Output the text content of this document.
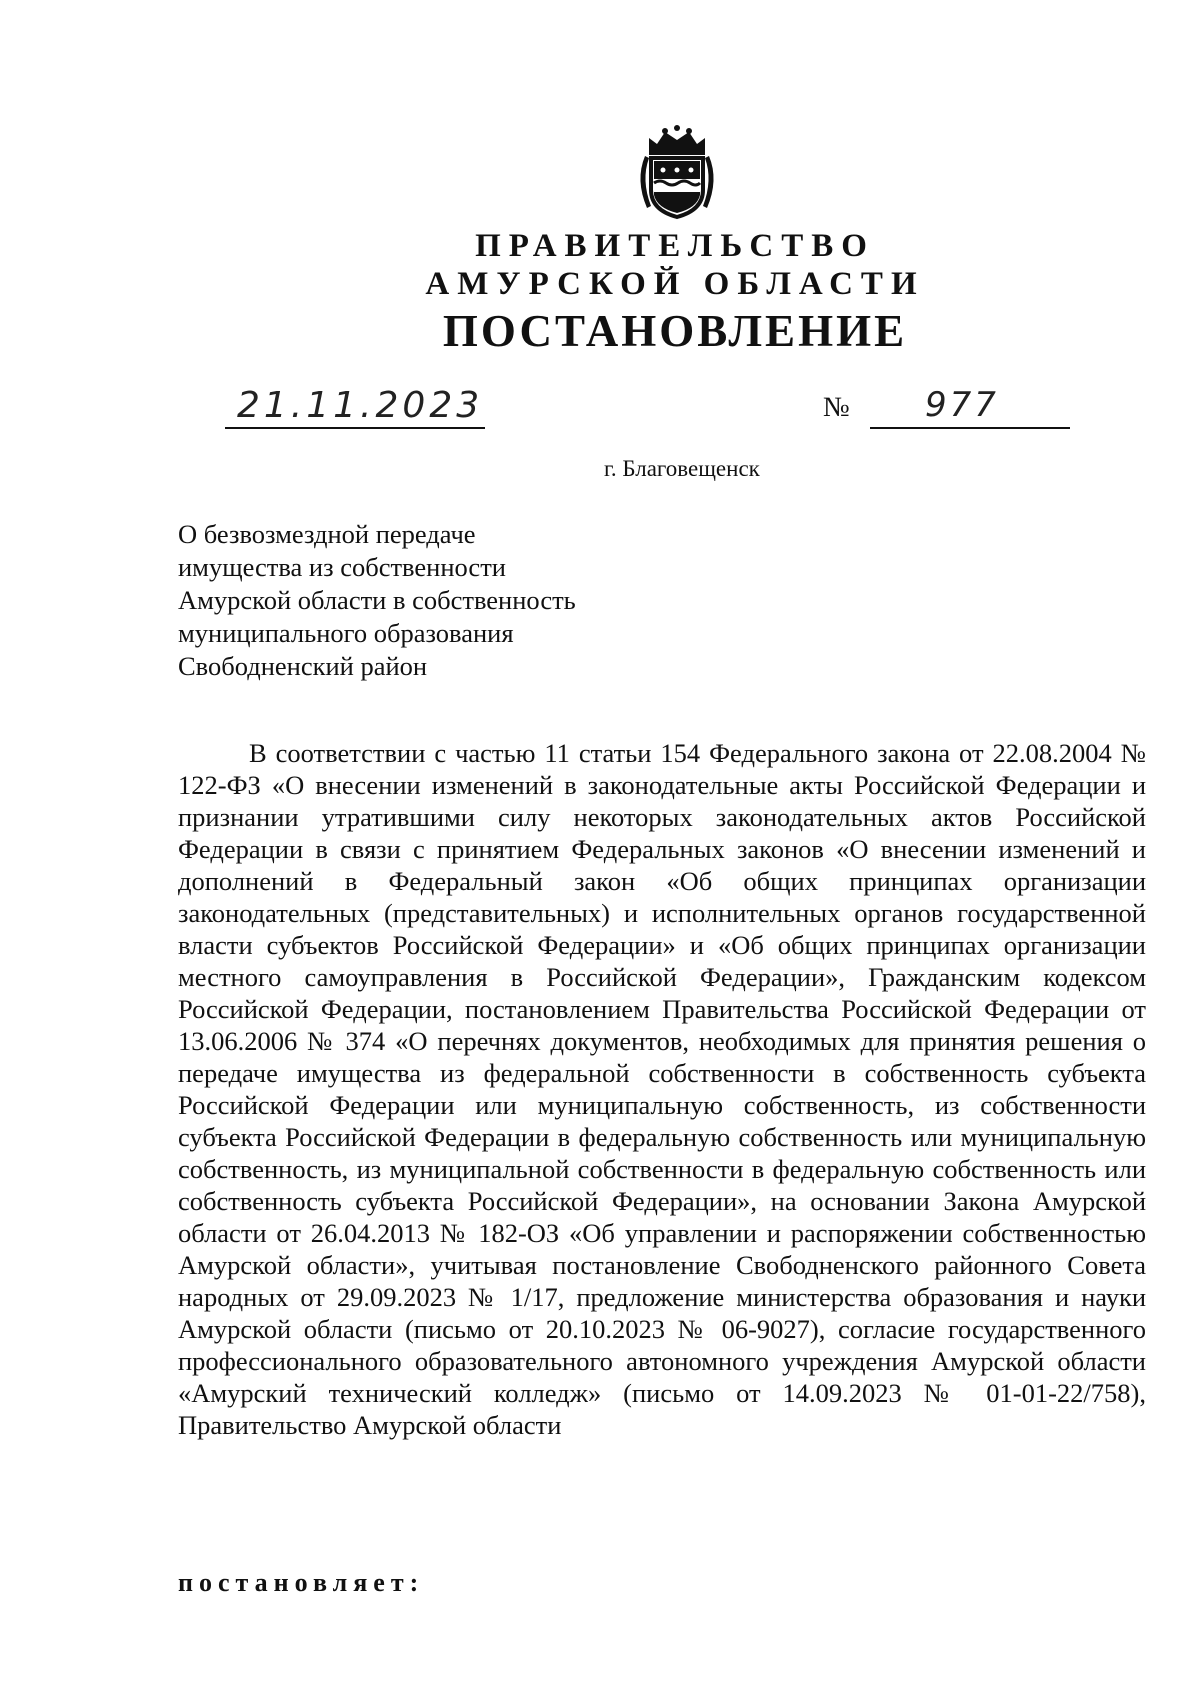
ПРАВИТЕЛЬСТВО
АМУРСКОЙ ОБЛАСТИ
ПОСТАНОВЛЕНИЕ
21.11.2023	№ 977
г. Благовещенск
О безвозмездной передаче
имущества из собственности
Амурской области в собственность
муниципального образования
Свободненский район
В соответствии с частью 11 статьи 154 Федерального закона от 22.08.2004 № 122-ФЗ «О внесении изменений в законодательные акты Российской Федерации и признании утратившими силу некоторых законодательных актов Российской Федерации в связи с принятием Федеральных законов «О внесении изменений и дополнений в Федеральный закон «Об общих принципах организации законодательных (представительных) и исполнительных органов государственной власти субъектов Российской Федерации» и «Об общих принципах организации местного самоуправления в Российской Федерации», Гражданским кодексом Российской Федерации, постановлением Правительства Российской Федерации от 13.06.2006 № 374 «О перечнях документов, необходимых для принятия решения о передаче имущества из федеральной собственности в собственность субъекта Российской Федерации или муниципальную собственность, из собственности субъекта Российской Федерации в федеральную собственность или муниципальную собственность, из муниципальной собственности в федеральную собственность или собственность субъекта Российской Федерации», на основании Закона Амурской области от 26.04.2013 № 182-ОЗ «Об управлении и распоряжении собственностью Амурской области», учитывая постановление Свободненского районного Совета народных от 29.09.2023 № 1/17, предложение министерства образования и науки Амурской области (письмо от 20.10.2023 № 06-9027), согласие государственного профессионального образовательного автономного учреждения Амурской области «Амурский технический колледж» (письмо от 14.09.2023 № 01-01-22/758), Правительство Амурской области
постановляет:
